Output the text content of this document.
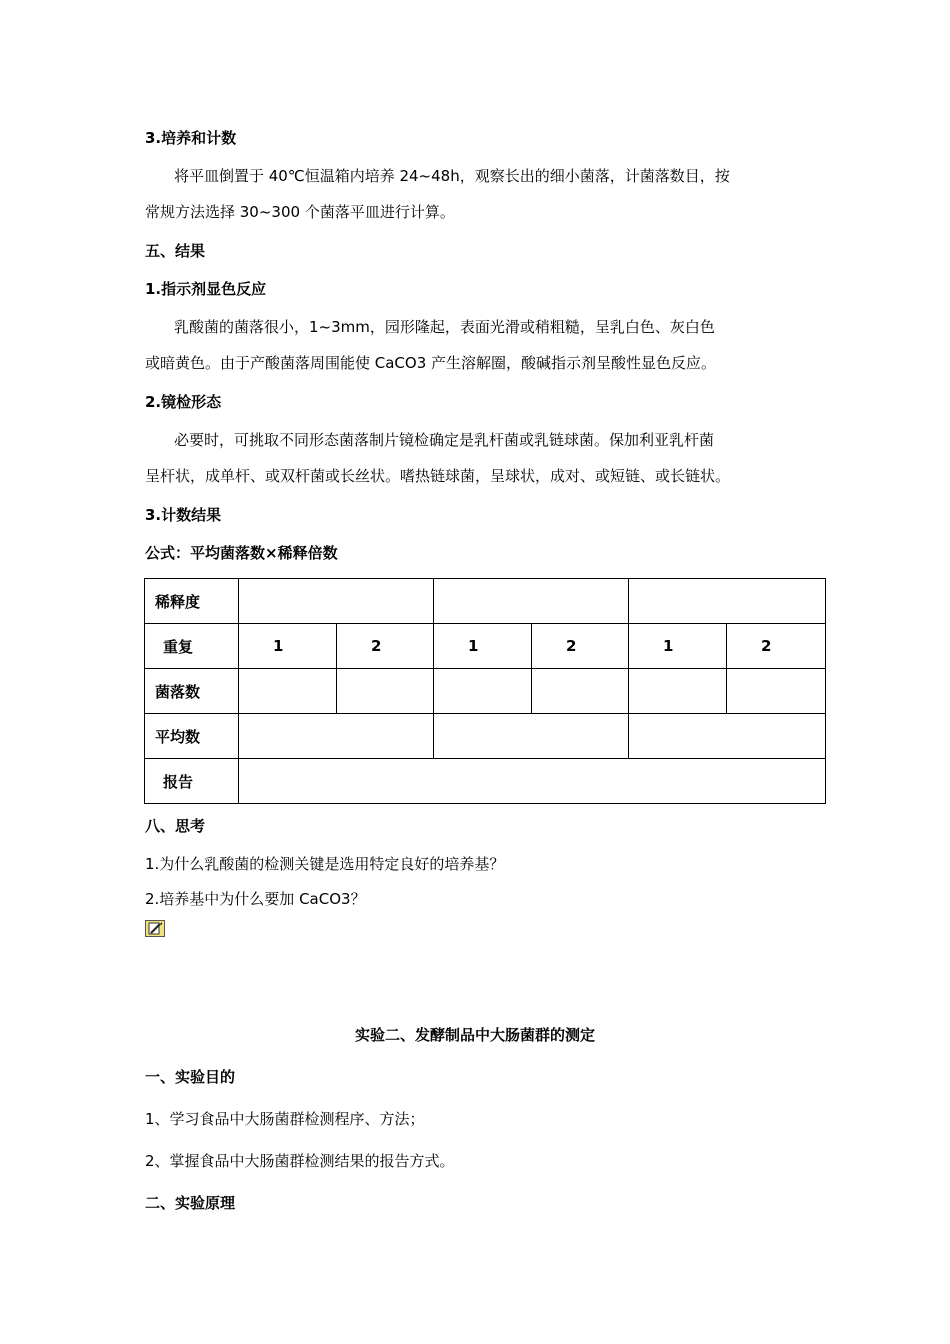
3.培养和计数
将平皿倒置于 40℃恒温箱内培养 24~48h，观察长出的细小菌落，计菌落数目，按
常规方法选择 30~300 个菌落平皿进行计算。
五、结果
1.指示剂显色反应
乳酸菌的菌落很小，1~3mm，园形隆起，表面光滑或稍粗糙，呈乳白色、灰白色
或暗黄色。由于产酸菌落周围能使 CaCO3 产生溶解圈，酸碱指示剂呈酸性显色反应。
2.镜检形态
必要时，可挑取不同形态菌落制片镜检确定是乳杆菌或乳链球菌。保加利亚乳杆菌
呈杆状，成单杆、或双杆菌或长丝状。嗜热链球菌，呈球状，成对、或短链、或长链状。
3.计数结果
公式：平均菌落数×稀释倍数
稀释度						
重复	1	2	1	2	1	2
菌落数						
平均数						
报告						
八、思考
1.为什么乳酸菌的检测关键是选用特定良好的培养基？
2.培养基中为什么要加 CaCO3？
实验二、发酵制品中大肠菌群的测定
一、实验目的
1、学习食品中大肠菌群检测程序、方法；
2、掌握食品中大肠菌群检测结果的报告方式。
二、实验原理
